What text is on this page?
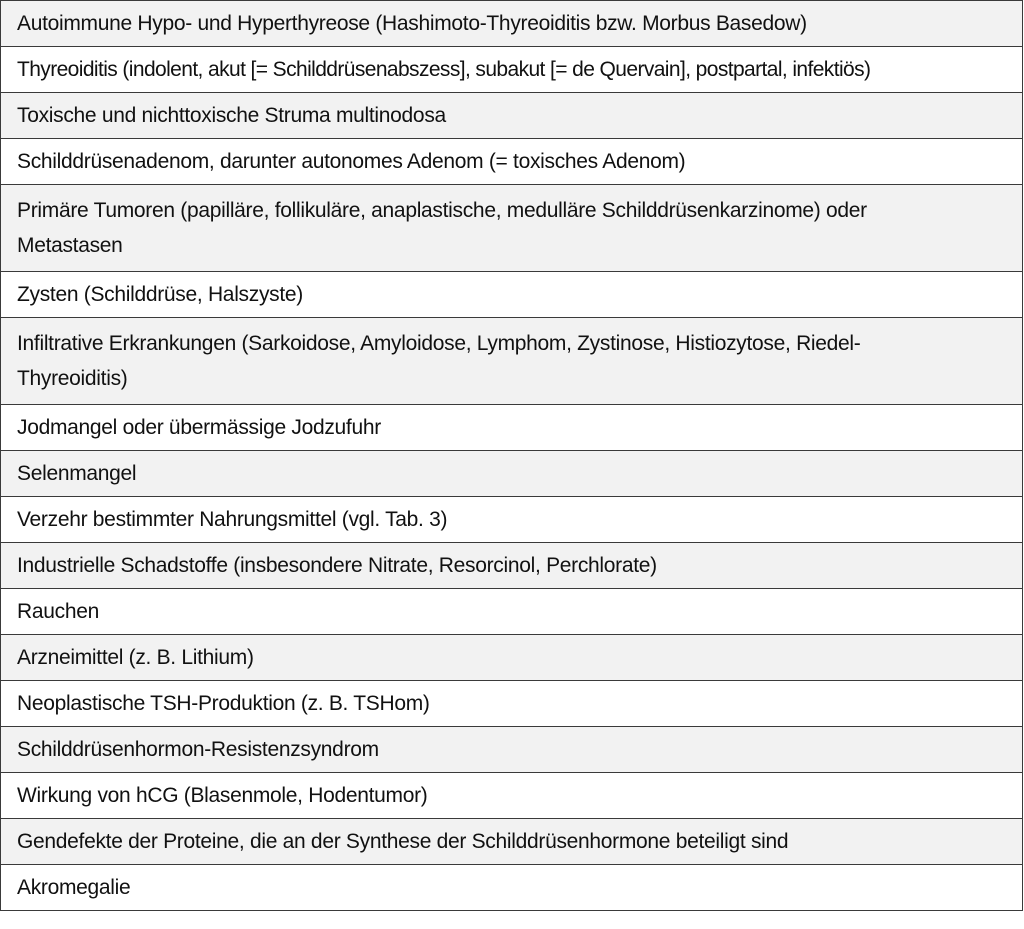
Autoimmune Hypo- und Hyperthyreose (Hashimoto-Thyreoiditis bzw. Morbus Basedow)
Thyreoiditis (indolent, akut [= Schilddrüsenabszess], subakut [= de Quervain], postpartal, infektiös)
Toxische und nichttoxische Struma multinodosa
Schilddrüsenadenom, darunter autonomes Adenom (= toxisches Adenom)
Primäre Tumoren (papilläre, follikuläre, anaplastische, medulläre Schilddrüsenkarzinome) oder Metastasen
Zysten (Schilddrüse, Halszyste)
Infiltrative Erkrankungen (Sarkoidose, Amyloidose, Lymphom, Zystinose, Histiozytose, Riedel-Thyreoiditis)
Jodmangel oder übermässige Jodzufuhr
Selenmangel
Verzehr bestimmter Nahrungsmittel (vgl. Tab. 3)
Industrielle Schadstoffe (insbesondere Nitrate, Resorcinol, Perchlorate)
Rauchen
Arzneimittel (z. B. Lithium)
Neoplastische TSH-Produktion (z. B. TSHom)
Schilddrüsenhormon-Resistenzsyndrom
Wirkung von hCG (Blasenmole, Hodentumor)
Gendefekte der Proteine, die an der Synthese der Schilddrüsenhormone beteiligt sind
Akromegalie
